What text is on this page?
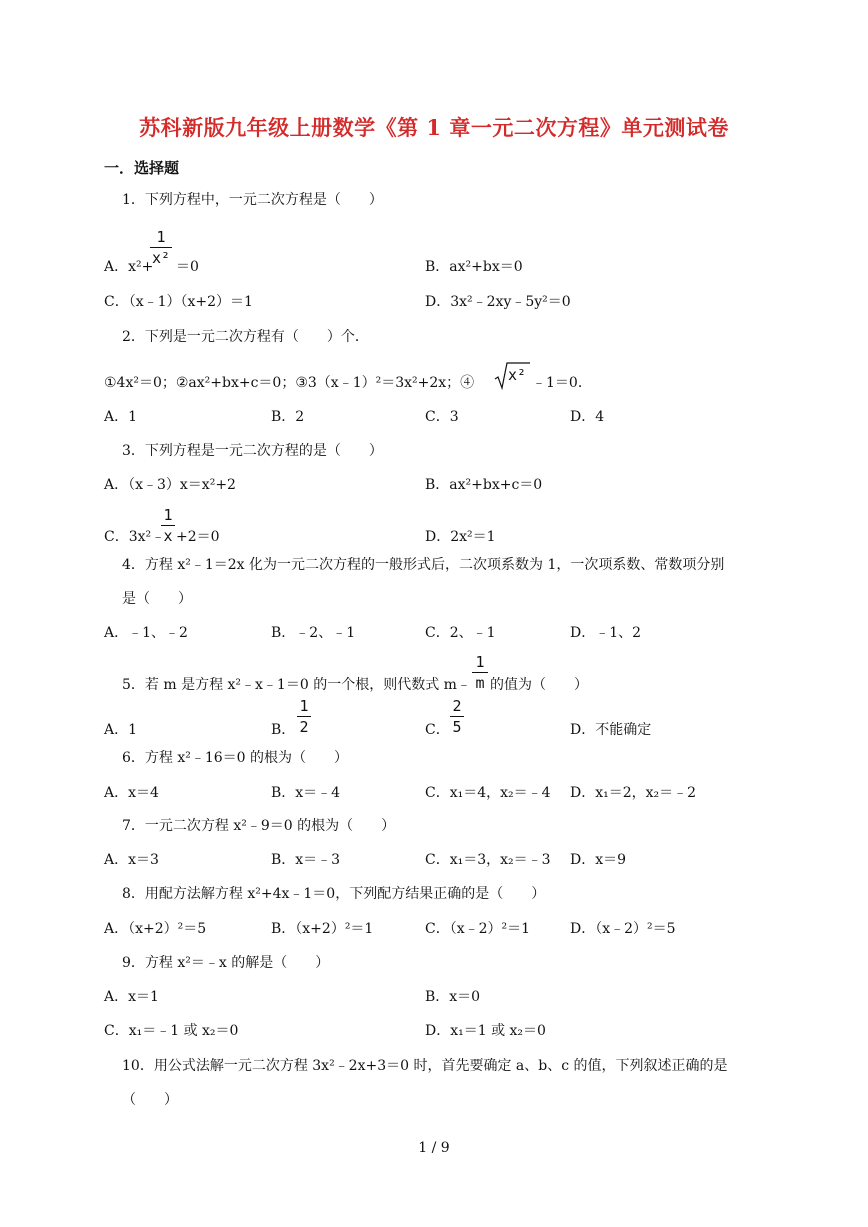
苏科新版九年级上册数学《第 1 章一元二次方程》单元测试卷
一．选择题
1．下列方程中，一元二次方程是（　　）
A．x²+
1
x² ＝0	B．ax²+bx＝0
C．（x﹣1）（x+2）＝1	D．3x²﹣2xy﹣5y²＝0
2．下列是一元二次方程有（　　）个．
①4x²＝0；②ax²+bx+c＝0；③3（x﹣1）²＝3x²+2x；④ x² ﹣1＝0．
A．1	B．2	C．3	D．4
3．下列方程是一元二次方程的是（　　）
A．（x﹣3）x＝x²+2	B．ax²+bx+c＝0
C．3x²﹣
1
x +2＝0	D．2x²＝1
4．方程 x²﹣1＝2x 化为一元二次方程的一般形式后，二次项系数为 1，一次项系数、常数项分别
是（　　）
A．﹣1、﹣2	B．﹣2、﹣1	C．2、﹣1	D．﹣1、2
5．若 m 是方程 x²﹣x﹣1＝0 的一个根，则代数式 m﹣
1
m 的值为（　　）
A．1	B．
1
2	C．
2
5	D．不能确定
6．方程 x²﹣16＝0 的根为（　　）
A．x＝4	B．x＝﹣4	C．x₁＝4，x₂＝﹣4 D．x₁＝2，x₂＝﹣2
7．一元二次方程 x²﹣9＝0 的根为（　　）
A．x＝3	B．x＝﹣3	C．x₁＝3，x₂＝﹣3 D．x＝9
8．用配方法解方程 x²+4x﹣1＝0，下列配方结果正确的是（　　）
A．（x+2）²＝5	B．（x+2）²＝1	C．（x﹣2）²＝1	D．（x﹣2）²＝5
9．方程 x²＝﹣x 的解是（　　）
A．x＝1	B．x＝0
C．x₁＝﹣1 或 x₂＝0	D．x₁＝1 或 x₂＝0
10．用公式法解一元二次方程 3x²﹣2x+3＝0 时，首先要确定 a、b、c 的值，下列叙述正确的是
（　　）
1 / 9
